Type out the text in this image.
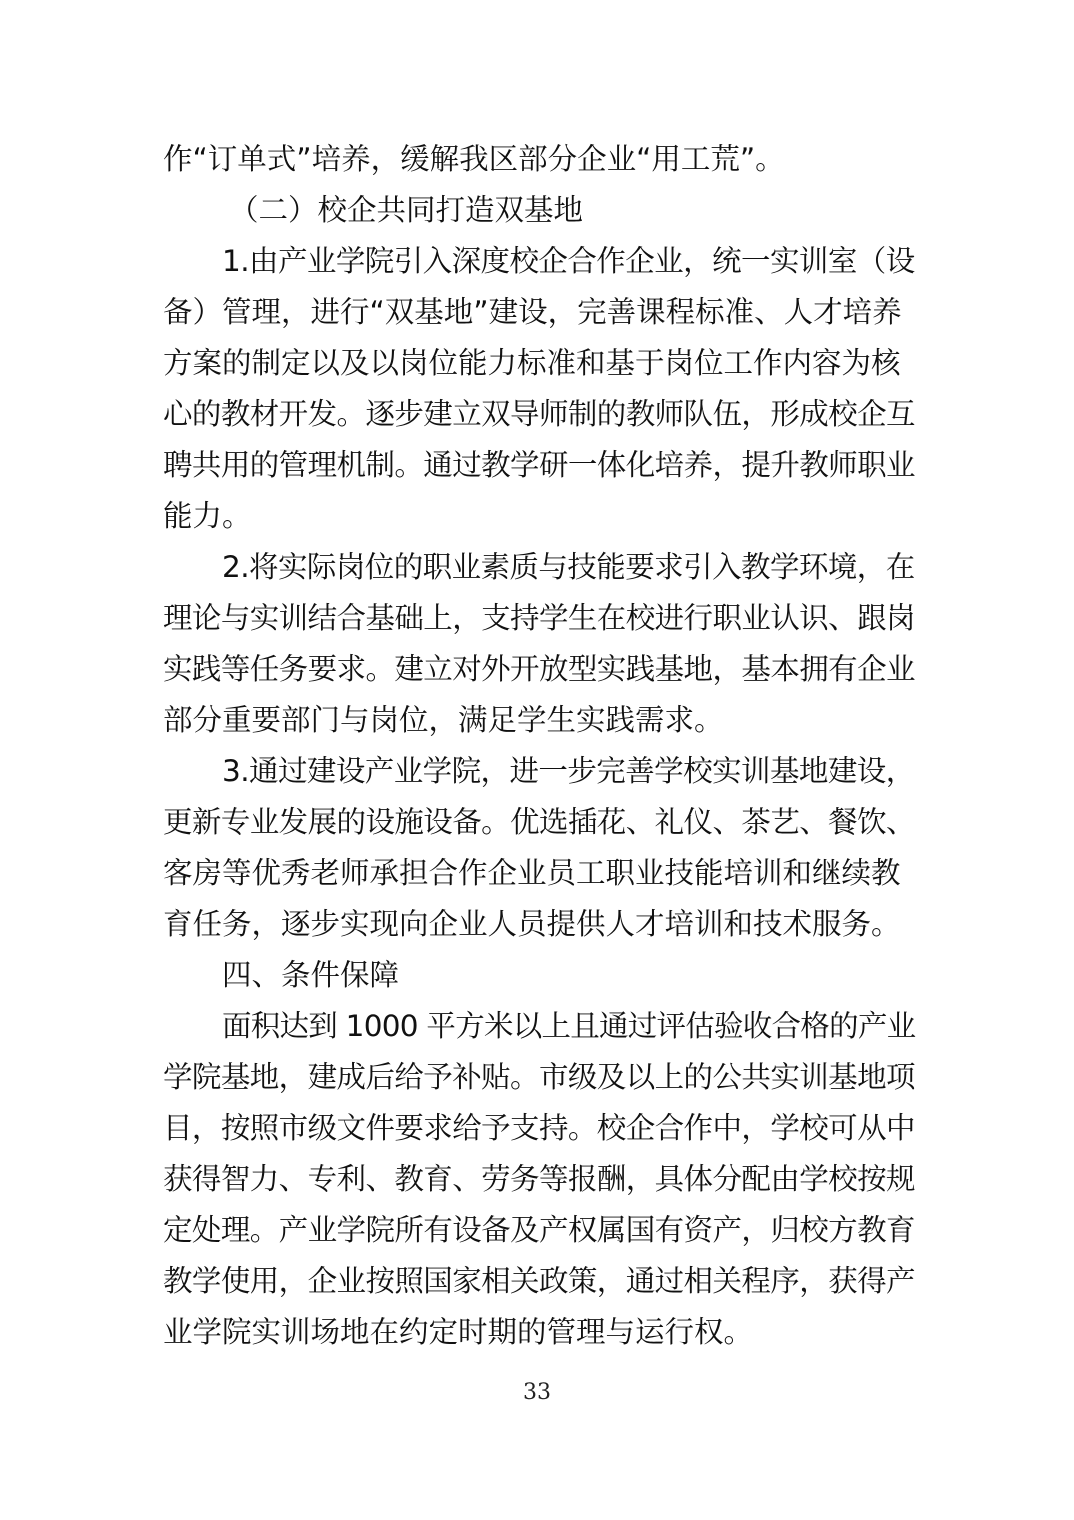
作“订单式”培养，缓解我区部分企业“用工荒”。
（二）校企共同打造双基地
1.由产业学院引入深度校企合作企业，统一实训室（设
备）管理，进行“双基地”建设，完善课程标准、人才培养
方案的制定以及以岗位能力标准和基于岗位工作内容为核
心的教材开发。逐步建立双导师制的教师队伍，形成校企互
聘共用的管理机制。通过教学研一体化培养，提升教师职业
能力。
2.将实际岗位的职业素质与技能要求引入教学环境，在
理论与实训结合基础上，支持学生在校进行职业认识、跟岗
实践等任务要求。建立对外开放型实践基地，基本拥有企业
部分重要部门与岗位，满足学生实践需求。
3.通过建设产业学院，进一步完善学校实训基地建设，
更新专业发展的设施设备。优选插花、礼仪、茶艺、餐饮、
客房等优秀老师承担合作企业员工职业技能培训和继续教
育任务，逐步实现向企业人员提供人才培训和技术服务。
四、条件保障
面积达到 1000 平方米以上且通过评估验收合格的产业
学院基地，建成后给予补贴。市级及以上的公共实训基地项
目，按照市级文件要求给予支持。校企合作中，学校可从中
获得智力、专利、教育、劳务等报酬，具体分配由学校按规
定处理。产业学院所有设备及产权属国有资产，归校方教育
教学使用，企业按照国家相关政策，通过相关程序，获得产
业学院实训场地在约定时期的管理与运行权。
33
